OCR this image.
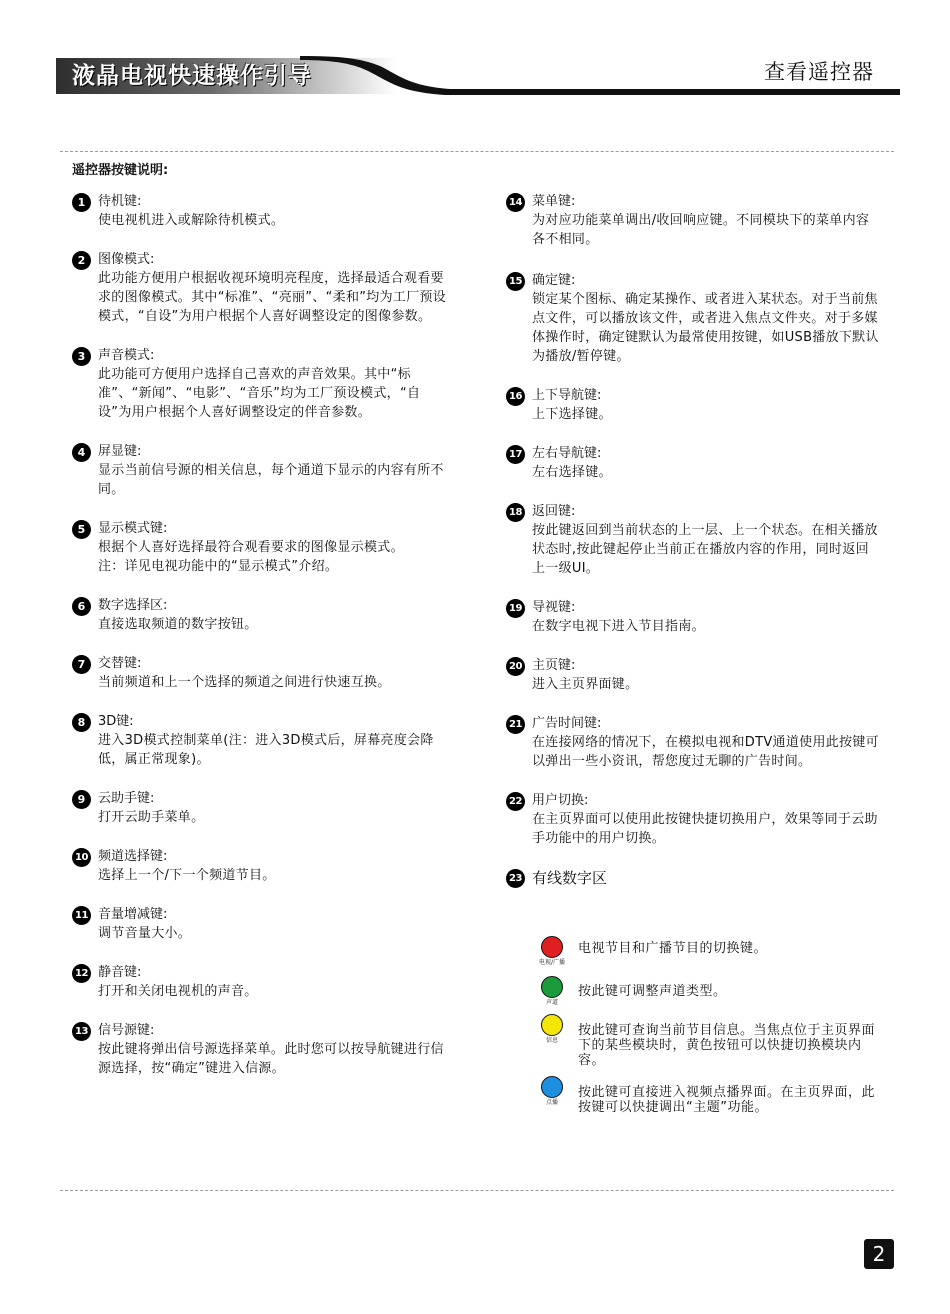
液晶电视快速操作引导	查看遥控器
遥控器按键说明:
1 待机键:
使电视机进入或解除待机模式。
2 图像模式:
此功能方便用户根据收视环境明亮程度，选择最适合观看要求的图像模式。其中“标准”、“亮丽”、“柔和”均为工厂预设模式，“自设”为用户根据个人喜好调整设定的图像参数。
3 声音模式:
此功能可方便用户选择自己喜欢的声音效果。其中“标准”、“新闻”、“电影”、“音乐”均为工厂预设模式，“自设”为用户根据个人喜好调整设定的伴音参数。
4 屏显键:
显示当前信号源的相关信息，每个通道下显示的内容有所不同。
5 显示模式键:
根据个人喜好选择最符合观看要求的图像显示模式。
注：详见电视功能中的“显示模式”介绍。
6 数字选择区:
直接选取频道的数字按钮。
7 交替键:
当前频道和上一个选择的频道之间进行快速互换。
8 3D键:
进入3D模式控制菜单(注：进入3D模式后，屏幕亮度会降低，属正常现象)。
9 云助手键:
打开云助手菜单。
10 频道选择键:
选择上一个/下一个频道节目。
11 音量增减键:
调节音量大小。
12 静音键:
打开和关闭电视机的声音。
13 信号源键:
按此键将弹出信号源选择菜单。此时您可以按导航键进行信源选择，按“确定”键进入信源。
14 菜单键:
为对应功能菜单调出/收回响应键。不同模块下的菜单内容各不相同。
15 确定键:
锁定某个图标、确定某操作、或者进入某状态。对于当前焦点文件，可以播放该文件，或者进入焦点文件夹。对于多媒体操作时，确定键默认为最常使用按键，如USB播放下默认为播放/暂停键。
16 上下导航键:
上下选择键。
17 左右导航键:
左右选择键。
18 返回键:
按此键返回到当前状态的上一层、上一个状态。在相关播放状态时,按此键起停止当前正在播放内容的作用，同时返回上一级UI。
19 导视键:
在数字电视下进入节目指南。
20 主页键:
进入主页界面键。
21 广告时间键:
在连接网络的情况下，在模拟电视和DTV通道使用此按键可以弹出一些小资讯，帮您度过无聊的广告时间。
22 用户切换:
在主页界面可以使用此按键快捷切换用户，效果等同于云助手功能中的用户切换。
23 有线数字区
电视/广播
电视节目和广播节目的切换键。
声道
按此键可调整声道类型。
信息
按此键可查询当前节目信息。当焦点位于主页界面下的某些模块时，黄色按钮可以快捷切换模块内容。
点播
按此键可直接进入视频点播界面。在主页界面，此按键可以快捷调出“主题”功能。
2
